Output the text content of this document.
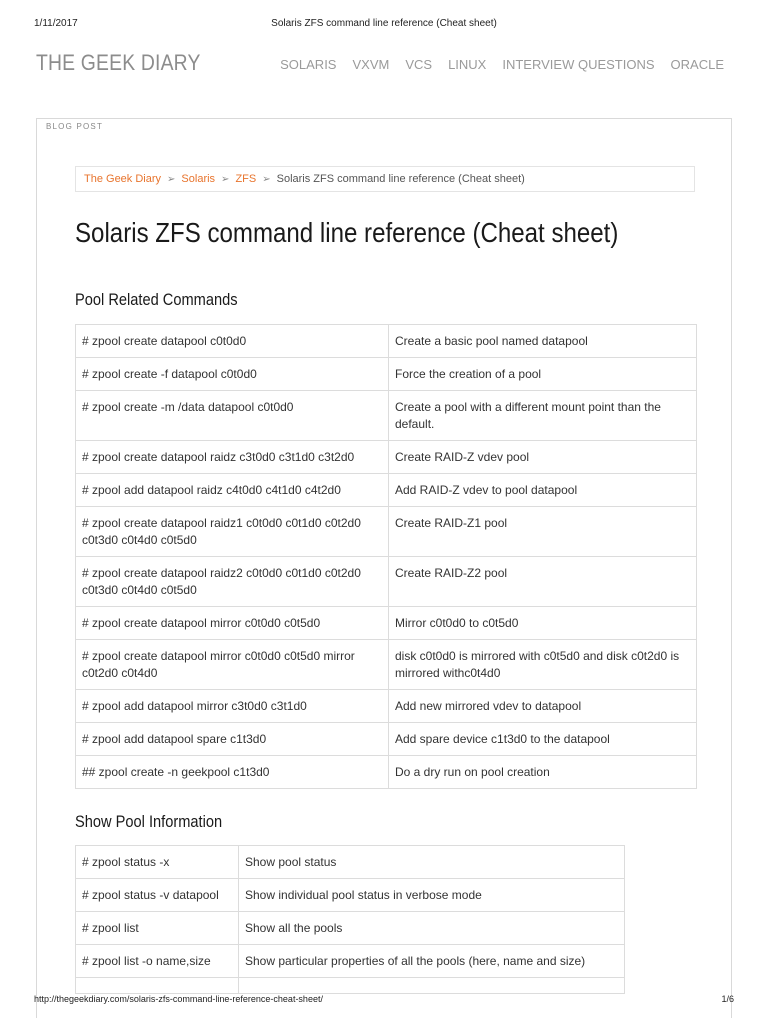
1/11/2017	Solaris ZFS command line reference (Cheat sheet)
THE GEEK DIARY	SOLARIS VXVM VCS LINUX INTERVIEW QUESTIONS ORACLE
BLOG POST
The Geek Diary ➢ Solaris ➢ ZFS ➢ Solaris ZFS command line reference (Cheat sheet)
Solaris ZFS command line reference (Cheat sheet)
Pool Related Commands
# zpool create datapool c0t0d0	Create a basic pool named datapool
# zpool create -f datapool c0t0d0	Force the creation of a pool
# zpool create -m /data datapool c0t0d0	Create a pool with a different mount point than the default.
# zpool create datapool raidz c3t0d0 c3t1d0 c3t2d0	Create RAID-Z vdev pool
# zpool add datapool raidz c4t0d0 c4t1d0 c4t2d0	Add RAID-Z vdev to pool datapool
# zpool create datapool raidz1 c0t0d0 c0t1d0 c0t2d0 c0t3d0 c0t4d0 c0t5d0	Create RAID-Z1 pool
# zpool create datapool raidz2 c0t0d0 c0t1d0 c0t2d0 c0t3d0 c0t4d0 c0t5d0	Create RAID-Z2 pool
# zpool create datapool mirror c0t0d0 c0t5d0	Mirror c0t0d0 to c0t5d0
# zpool create datapool mirror c0t0d0 c0t5d0 mirror c0t2d0 c0t4d0	disk c0t0d0 is mirrored with c0t5d0 and disk c0t2d0 is mirrored withc0t4d0
# zpool add datapool mirror c3t0d0 c3t1d0	Add new mirrored vdev to datapool
# zpool add datapool spare c1t3d0	Add spare device c1t3d0 to the datapool
## zpool create -n geekpool c1t3d0	Do a dry run on pool creation
Show Pool Information
# zpool status -x	Show pool status
# zpool status -v datapool	Show individual pool status in verbose mode
# zpool list	Show all the pools
# zpool list -o name,size	Show particular properties of all the pools (here, name and size)

http://thegeekdiary.com/solaris-zfs-command-line-reference-cheat-sheet/	1/6
